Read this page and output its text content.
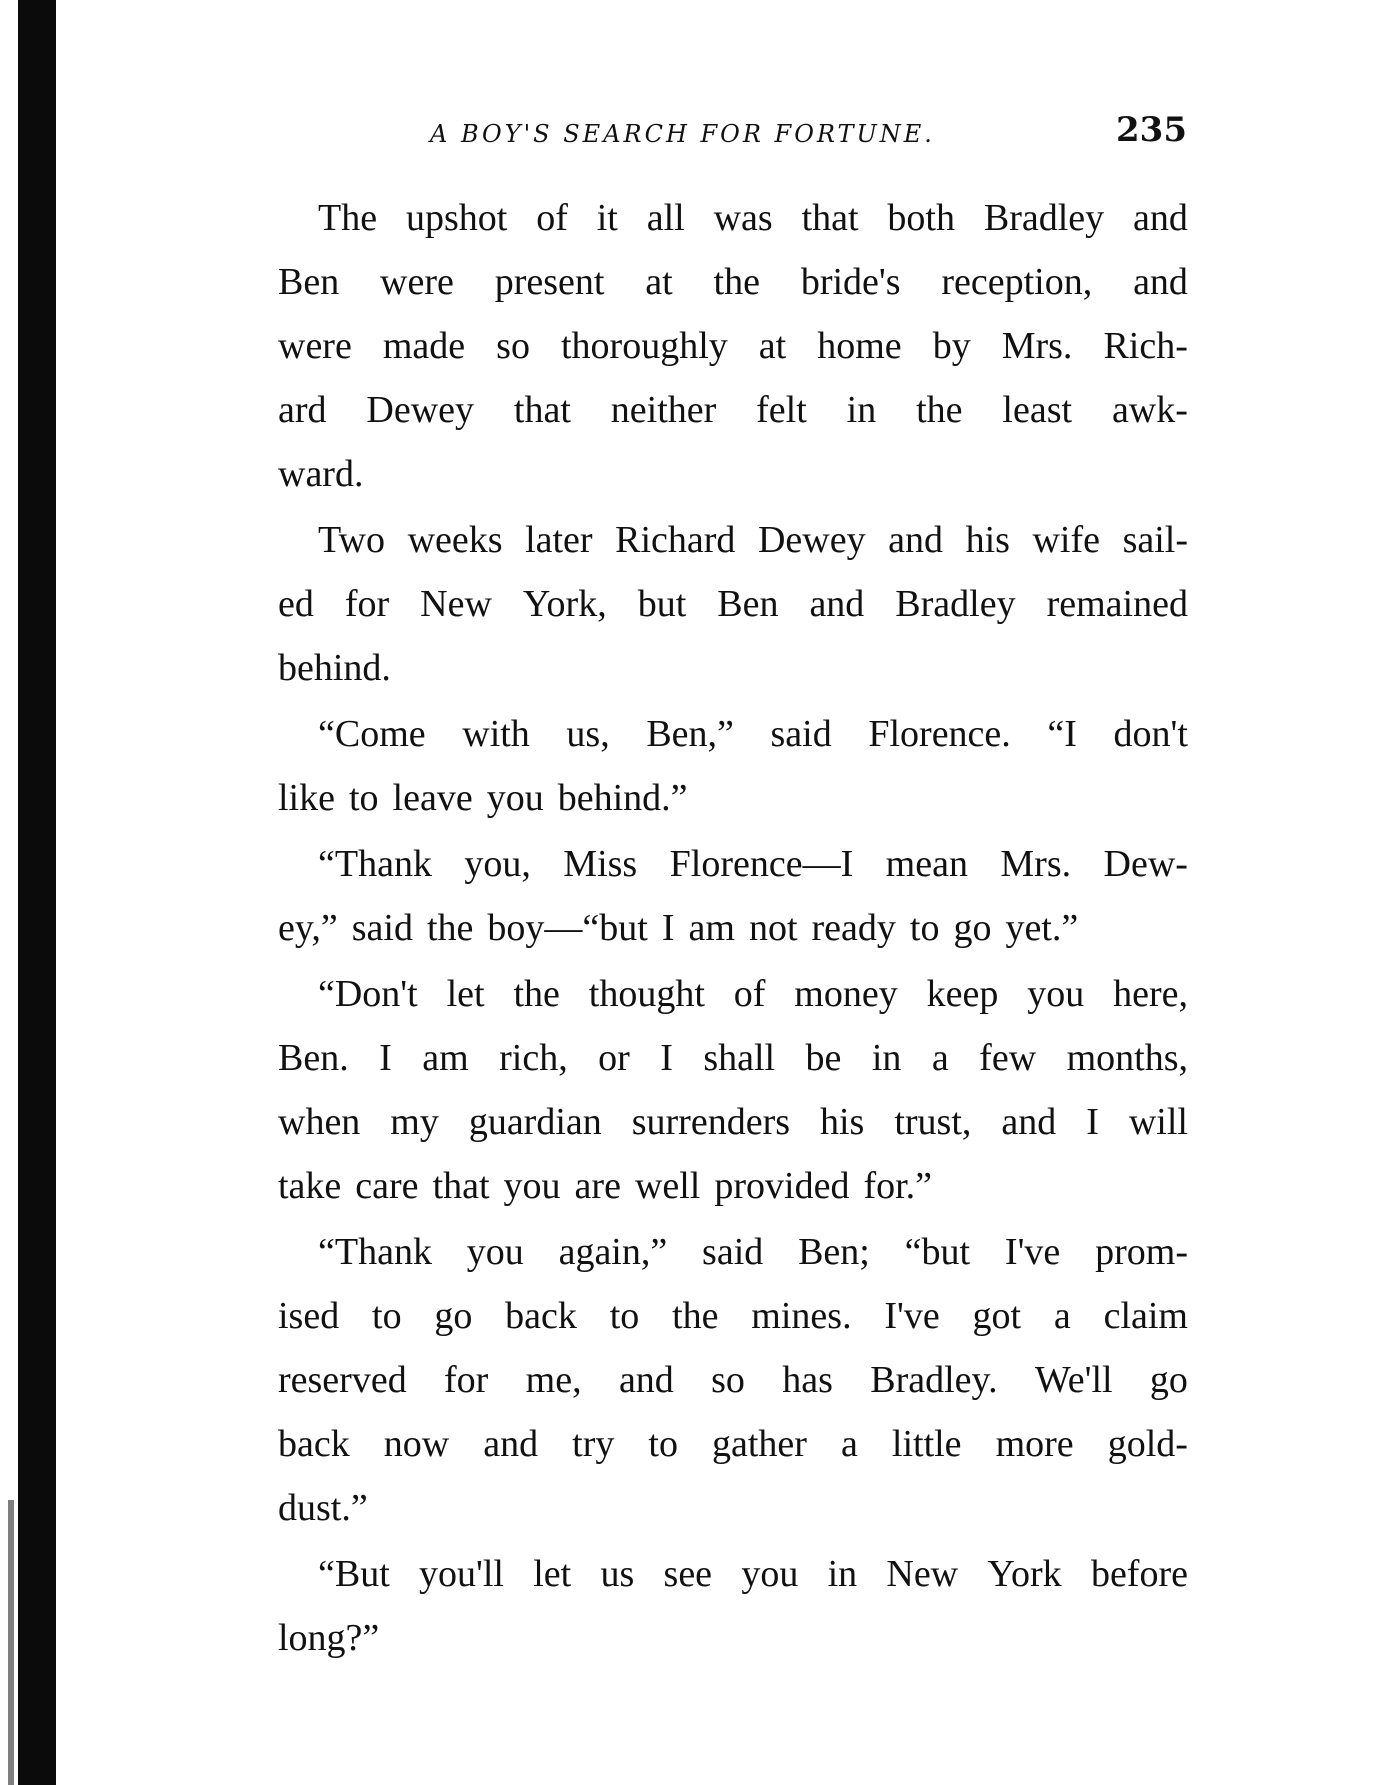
A BOY'S SEARCH FOR FORTUNE.	235
The upshot of it all was that both Bradley and
Ben were present at the bride's reception, and
were made so thoroughly at home by Mrs. Rich-
ard Dewey that neither felt in the least awk-
ward.
Two weeks later Richard Dewey and his wife sail-
ed for New York, but Ben and Bradley remained
behind.
“Come with us, Ben,” said Florence. “I don't
like to leave you behind.”
“Thank you, Miss Florence—I mean Mrs. Dew-
ey,” said the boy—“but I am not ready to go yet.”
“Don't let the thought of money keep you here,
Ben. I am rich, or I shall be in a few months,
when my guardian surrenders his trust, and I will
take care that you are well provided for.”
“Thank you again,” said Ben; “but I've prom-
ised to go back to the mines. I've got a claim
reserved for me, and so has Bradley. We'll go
back now and try to gather a little more gold-
dust.”
“But you'll let us see you in New York before
long?”
